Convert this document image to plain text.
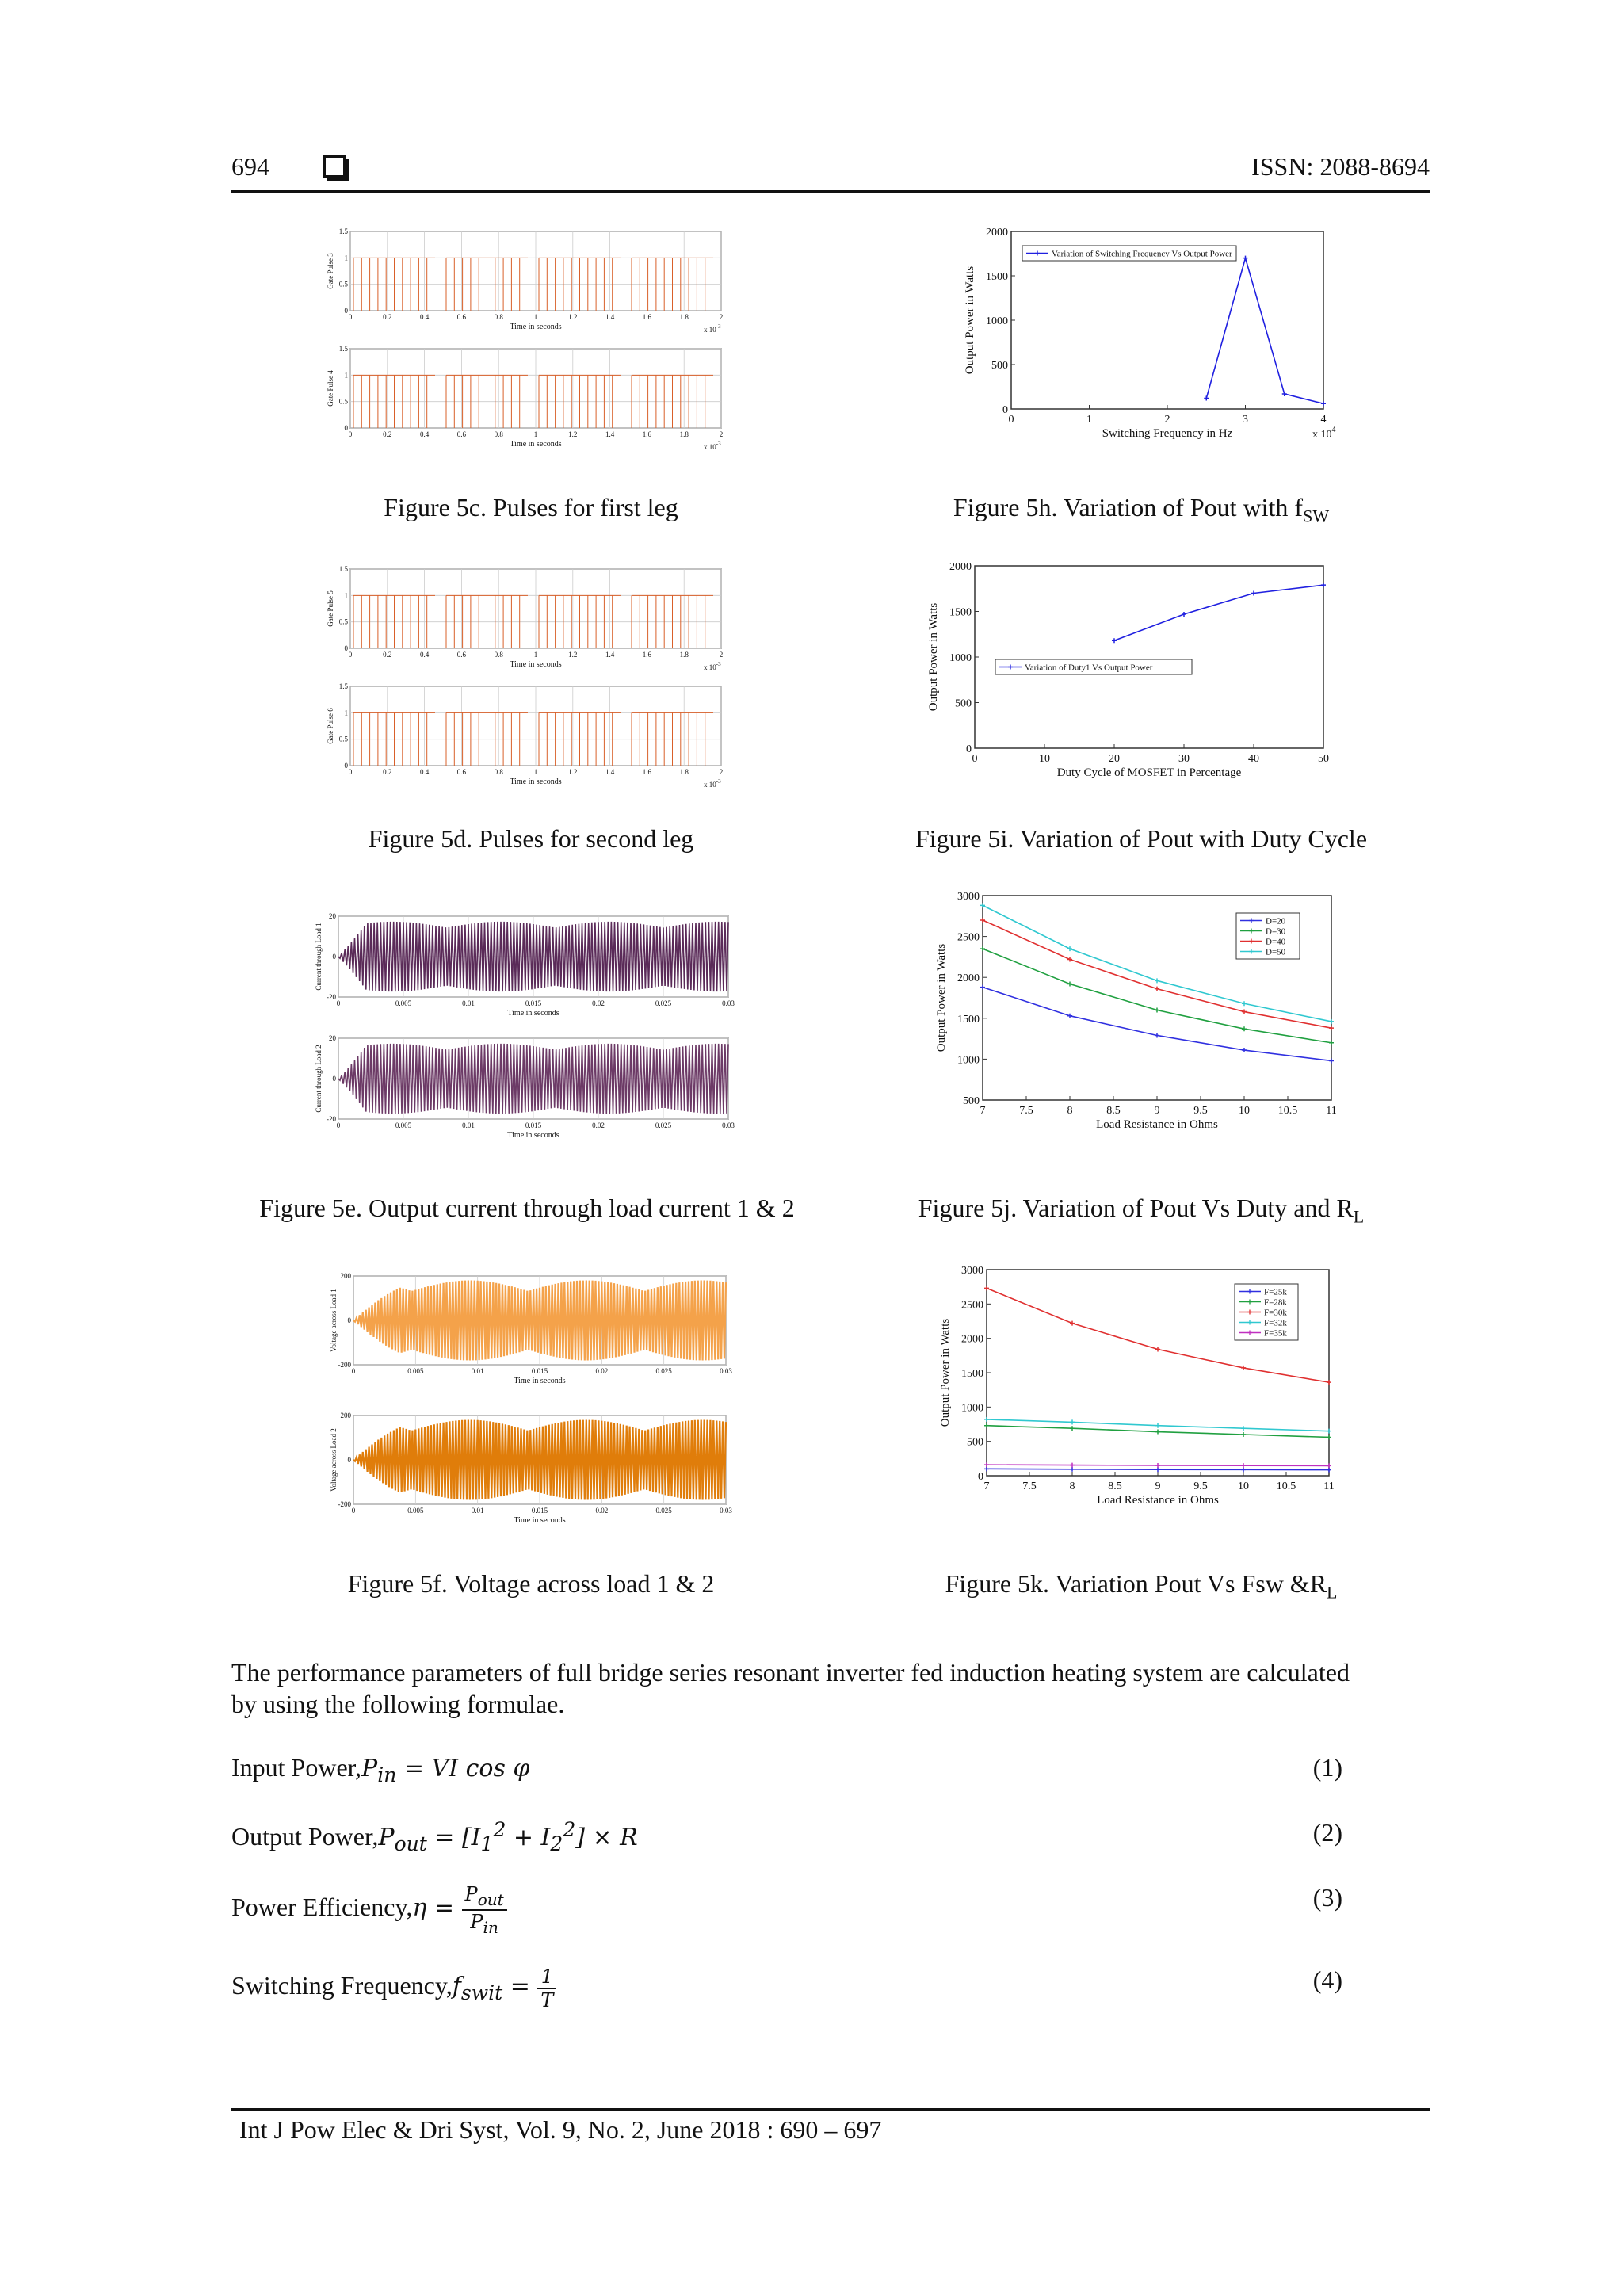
694	ISSN: 2088-8694
0	0.2	0.4	0.6	0.8	1	1.2	1.4	1.6	1.8	2
1.5
1
0.5
0
Time in seconds	x $10^{-3}$
Gate Pulse 3
0	0.2	0.4	0.6	0.8	1	1.2	1.4	1.6	1.8	2
1.5
1
0.5
0
Time in seconds	x $10^{-3}$
Gate Pulse 4
Figure 5c. Pulses for first leg
0	1	2	3	4
0
500
1000
1500
2000
Switching Frequency in Hz
Output Power in Watts
x $10^4$
Variation of Switching Frequency Vs Output Power
Figure 5h. Variation of Pout with $f_{SW}$
0	0.2	0.4	0.6	0.8	1	1.2	1.4	1.6	1.8	2
1.5
1
0.5
0
Time in seconds	x $10^{-3}$
Gate Pulse 5
0	0.2	0.4	0.6	0.8	1	1.2	1.4	1.6	1.8	2
1.5
1
0.5
0
Time in seconds	x $10^{-3}$
Gate Pulse 6
Figure 5d. Pulses for second leg
0	10	20	30	40	50
0
500
1000
1500
2000
Duty Cycle of MOSFET in Percentage
Output Power in Watts	Variation of Duty1 Vs Output Power
Figure 5i. Variation of Pout with Duty Cycle
0	0.005	0.01	0.015	0.02	0.025	0.03
20
0
-20
Time in seconds
Current through Load 1
0	0.005	0.01	0.015	0.02	0.025	0.03
20
0
-20
Time in seconds
Current through Load 2
Figure 5e. Output current through load current 1 & 2
7	7.5	8	8.5	9	9.5	10	10.5	11
500
1000
1500
2000
2500
3000
Load Resistance in Ohms
Output Power in Watts
D=20
D=30
D=40
D=50
Figure 5j. Variation of Pout Vs Duty and $R_L$
0	0.005	0.01	0.015	0.02	0.025	0.03
200
0
-200
Time in seconds
Voltage across Load 1
0	0.005	0.01	0.015	0.02	0.025	0.03
200
0
-200
Time in seconds
Voltage across Load 2
Figure 5f. Voltage across load 1 & 2
7	7.5	8	8.5	9	9.5	10 10.5	11
0
500
1000
1500
2000
2500
3000
Load Resistance in Ohms
Output Power in Watts
F=25k
F=28k
F=30k
F=32k
F=35k
Figure 5k. Variation Pout Vs Fsw $\&R_L$
The performance parameters of full bridge series resonant inverter fed induction heating system are calculated by using the following formulae.
Input $Power,P_{in}$ = VI cos φ	(1)
Output $Power,P_{out} = [I_1^2 + I_2^2] \times R$	(2)
Power Efficiency,η = $\frac{P_{out}}{P_{in}}$	(3)
Switching $Frequency,f_{swit} = \frac{1}{T}$	(4)
Int J Pow Elec & Dri Syst, Vol. 9, No. 2, June 2018 : 690 – 697
